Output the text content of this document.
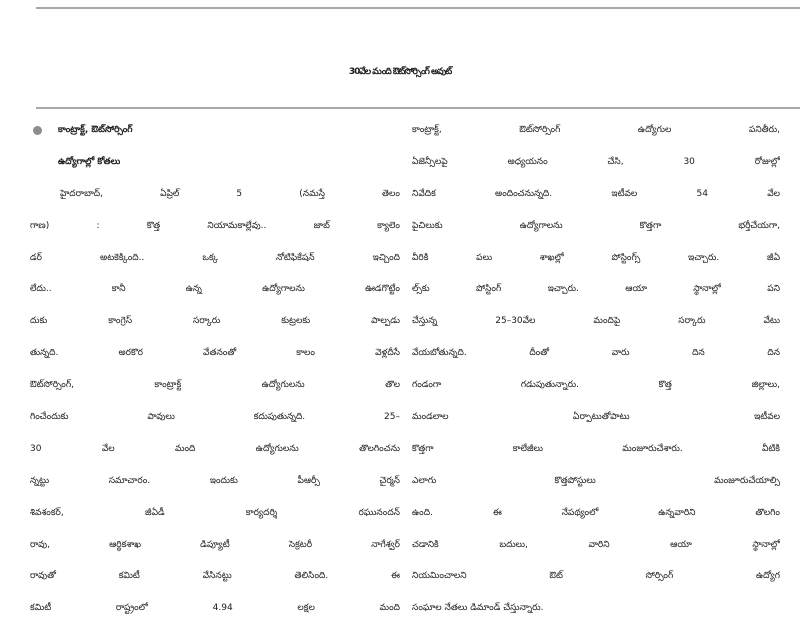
30వేల మంది ఔట్‌సోర్సింగ్ అవుట్
కాంట్రాక్ట్, ఔట్‌సోర్సింగ్
ఉద్యోగాల్లో కోతలు
హైదరాబాద్, ఏప్రిల్ 5 (నమస్తే తెలం
గాణ) : కొత్త నియామకాల్లేవు.. జాబ్ క్యాలెం
డర్ అటకెక్కింది.. ఒక్క నోటిఫికేషన్ ఇచ్చింది
లేదు.. కానీ ఉన్న ఉద్యోగాలను ఊడగొట్టేం
దుకు కాంగ్రెస్ సర్కారు కుట్రలకు పాల్పడు
తున్నది. అరకొర వేతనంతో కాలం వెళ్లదీసే
ఔట్‌సోర్సింగ్, కాంట్రాక్ట్ ఉద్యోగులను తొల
గించేందుకు పావులు కదుపుతున్నది. 25–
30 వేల మంది ఉద్యోగులను తొలగించను
న్నట్టు సమాచారం. ఇందుకు పీఆర్సీ చైర్మన్
శివశంకర్, జీఏడీ కార్యదర్శి రఘునందన్
రావు, ఆర్థికశాఖ డిప్యూటీ సెక్రటరీ నాగేశ్వర్
రావుతో కమిటీ వేసినట్టు తెలిసింది. ఈ
కమిటీ రాష్ట్రంలో 4.94 లక్షల మంది
కాంట్రాక్ట్, ఔట్‌సోర్సింగ్ ఉద్యోగుల పనితీరు,
ఏజెన్సీలపై అధ్యయనం చేసి, 30 రోజుల్లో
నివేదిక అందించనున్నది. ఇటీవల 54 వేల
పైచిలుకు ఉద్యోగాలను కొత్తగా భర్తీచేయగా,
వీరికి పలు శాఖల్లో పోస్టింగ్స్ ఇచ్చారు. జీఏ
ల్స్‌కు పోస్టింగ్ ఇచ్చారు. ఆయా స్థానాల్లో పని
చేస్తున్న 25–30వేల మందిపై సర్కారు వేటు
వేయబోతున్నది. దీంతో వారు దిన దిన
గండంగా గడుపుతున్నారు. కొత్త జిల్లాలు,
మండలాల ఏర్పాటుతోపాటు ఇటీవల
కొత్తగా కాలేజీలు మంజూరుచేశారు. వీటికి
ఎలాగు కొత్తపోస్టులు మంజూరుచేయాల్సి
ఉంది. ఈ నేపథ్యంలో ఉన్నవారిని తొలగిం
చడానికి బదులు, వారిని ఆయా స్థానాల్లో
నియమించాలని ఔట్ సోర్సింగ్ ఉద్యోగ
సంఘాల నేతలు డిమాండ్ చేస్తున్నారు.
